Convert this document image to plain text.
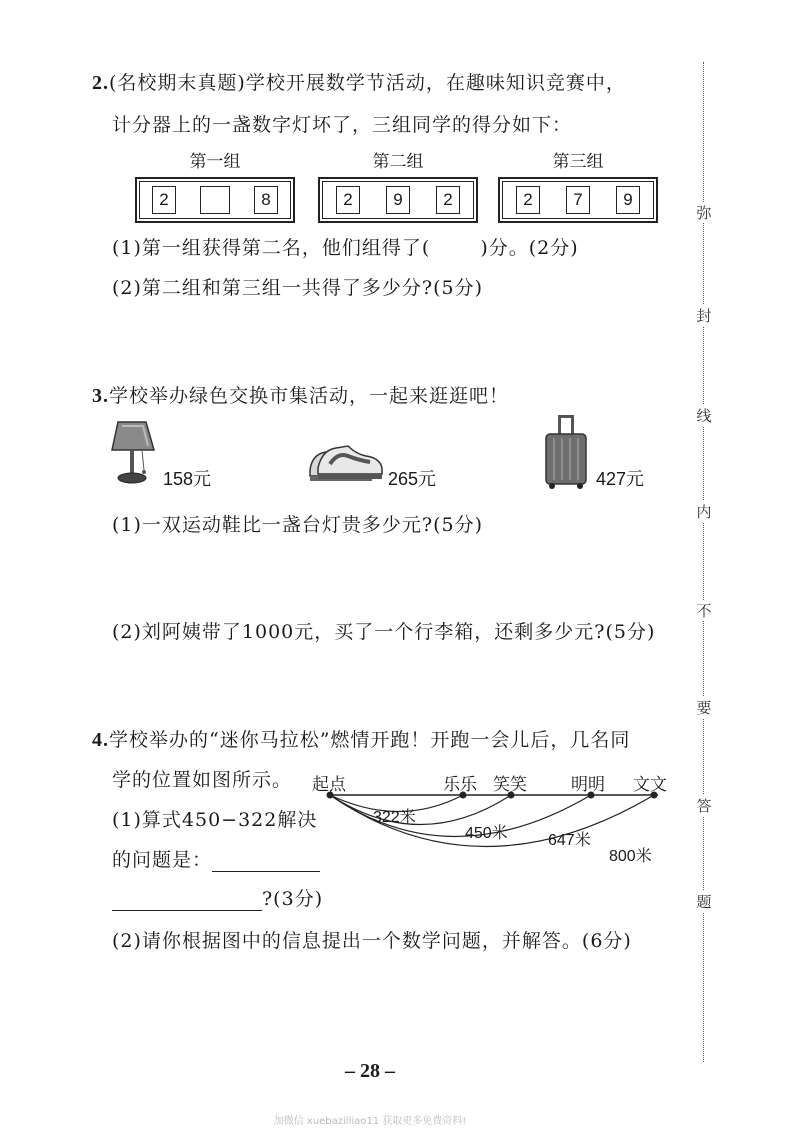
2.(名校期末真题)学校开展数学节活动，在趣味知识竞赛中，
计分器上的一盏数字灯坏了，三组同学的得分如下：
第一组
2	8
第二组
2	9	2
第三组
2	7	9
(1)第一组获得第二名，他们组得了(	)分。(2分)
(2)第二组和第三组一共得了多少分?(5分)
3.学校举办绿色交换市集活动，一起来逛逛吧！
158元	265元	427元
(1)一双运动鞋比一盏台灯贵多少元?(5分)
(2)刘阿姨带了1000元，买了一个行李箱，还剩多少元?(5分)
4.学校举办的“迷你马拉松”燃情开跑！开跑一会儿后，几名同
学的位置如图所示。 起点	乐乐 笑笑	明明 文文
322米
450米	647米
800米
(1)算式450−322解决
的问题是：
?(3分)
(2)请你根据图中的信息提出一个数学问题，并解答。(6分)
弥
封
线
内
不
要
答
题
– 28 –
加微信 xuebazilliao11 获取更多免费资料!
